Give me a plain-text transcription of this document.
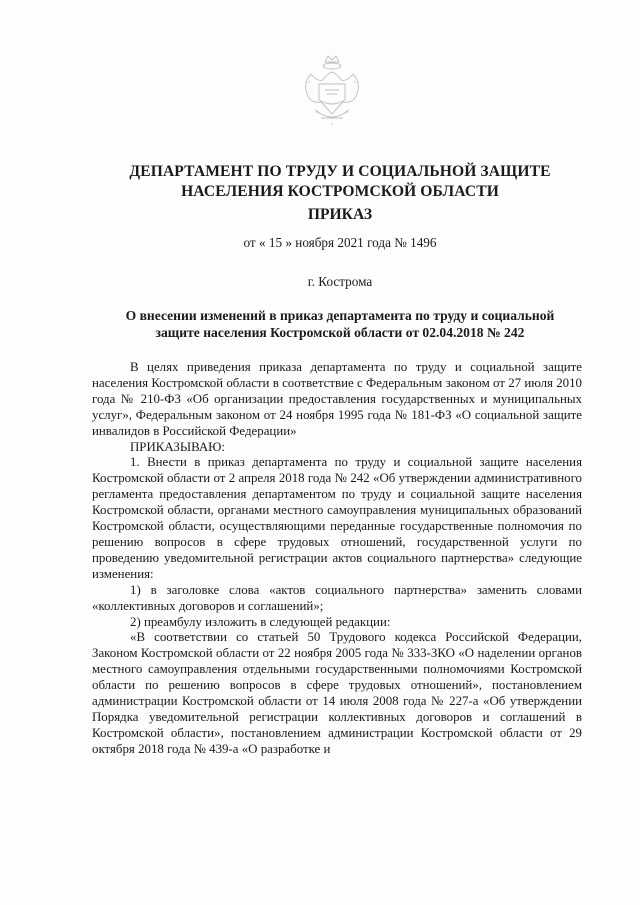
ДЕПАРТАМЕНТ ПО ТРУДУ И СОЦИАЛЬНОЙ ЗАЩИТЕ
НАСЕЛЕНИЯ КОСТРОМСКОЙ ОБЛАСТИ
ПРИКАЗ
от « 15 » ноября 2021 года № 1496
г. Кострома
О внесении изменений в приказ департамента по труду и социальной
защите населения Костромской области от 02.04.2018 № 242

В целях приведения приказа департамента по труду и социальной защите населения Костромской области в соответствие с Федеральным законом от 27 июля 2010 года № 210-ФЗ «Об организации предоставления государственных и муниципальных услуг», Федеральным законом от 24 ноября 1995 года № 181-ФЗ «О социальной защите инвалидов в Российской Федерации»

ПРИКАЗЫВАЮ:

1. Внести в приказ департамента по труду и социальной защите населения Костромской области от 2 апреля 2018 года № 242 «Об утверждении административного регламента предоставления департаментом по труду и социальной защите населения Костромской области, органами местного самоуправления муниципальных образований Костромской области, осуществляющими переданные государственные полномочия по решению вопросов в сфере трудовых отношений, государственной услуги по проведению уведомительной регистрации актов социального партнерства» следующие изменения:

1) в заголовке слова «актов социального партнерства» заменить словами «коллективных договоров и соглашений»;

2) преамбулу изложить в следующей редакции:

«В соответствии со статьей 50 Трудового кодекса Российской Федерации, Законом Костромской области от 22 ноября 2005 года № 333-ЗКО «О наделении органов местного самоуправления отдельными государственными полномочиями Костромской области по решению вопросов в сфере трудовых отношений», постановлением администрации Костромской области от 14 июля 2008 года № 227-а «Об утверждении Порядка уведомительной регистрации коллективных договоров и соглашений в Костромской области», постановлением администрации Костромской области от 29 октября 2018 года № 439-а «О разработке и
